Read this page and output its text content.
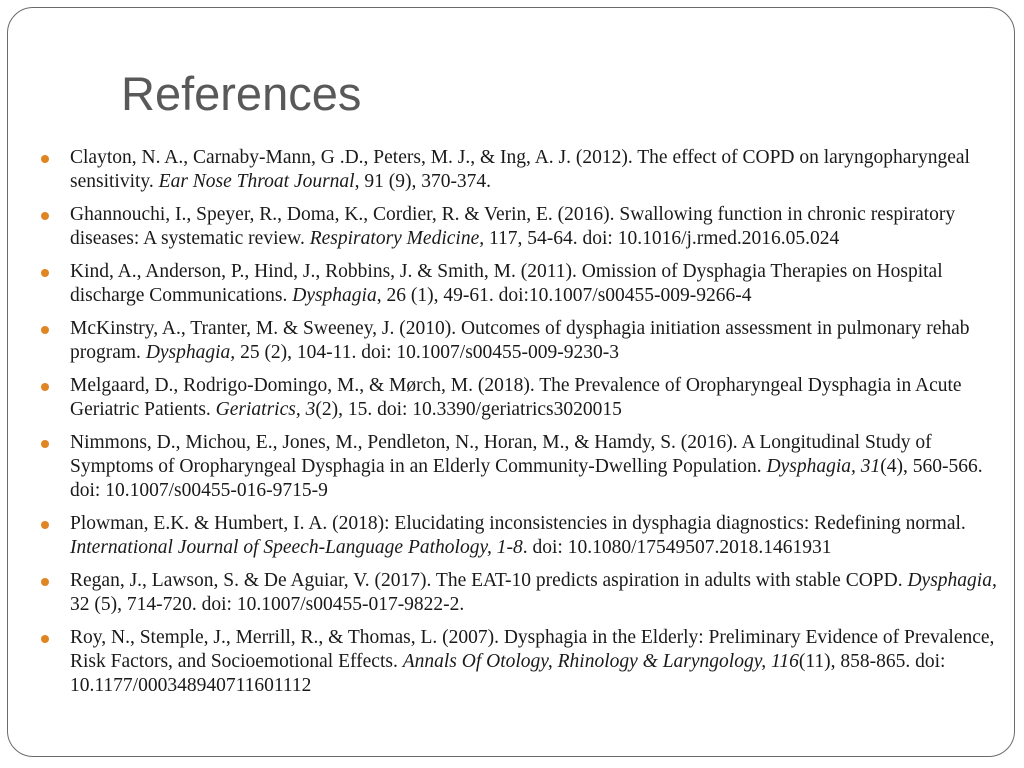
References
Clayton, N. A., Carnaby-Mann, G .D., Peters, M. J., & Ing, A. J. (2012). The effect of COPD on laryngopharyngeal sensitivity. Ear Nose Throat Journal, 91 (9), 370-374.
Ghannouchi, I., Speyer, R., Doma, K., Cordier, R. & Verin, E. (2016). Swallowing function in chronic respiratory diseases: A systematic review. Respiratory Medicine, 117, 54-64. doi: 10.1016/j.rmed.2016.05.024
Kind, A., Anderson, P., Hind, J., Robbins, J. & Smith, M. (2011). Omission of Dysphagia Therapies on Hospital discharge Communications. Dysphagia, 26 (1), 49-61. doi:10.1007/s00455-009-9266-4
McKinstry, A., Tranter, M. & Sweeney, J. (2010). Outcomes of dysphagia initiation assessment in pulmonary rehab program. Dysphagia, 25 (2), 104-11. doi: 10.1007/s00455-009-9230-3
Melgaard, D., Rodrigo-Domingo, M., & Mørch, M. (2018). The Prevalence of Oropharyngeal Dysphagia in Acute Geriatric Patients. Geriatrics, 3(2), 15. doi: 10.3390/geriatrics3020015
Nimmons, D., Michou, E., Jones, M., Pendleton, N., Horan, M., & Hamdy, S. (2016). A Longitudinal Study of Symptoms of Oropharyngeal Dysphagia in an Elderly Community-Dwelling Population. Dysphagia, 31(4), 560-566. doi: 10.1007/s00455-016-9715-9
Plowman, E.K. & Humbert, I. A. (2018): Elucidating inconsistencies in dysphagia diagnostics: Redefining normal. International Journal of Speech-Language Pathology, 1-8. doi: 10.1080/17549507.2018.1461931
Regan, J., Lawson, S. & De Aguiar, V. (2017). The EAT-10 predicts aspiration in adults with stable COPD. Dysphagia, 32 (5), 714-720. doi: 10.1007/s00455-017-9822-2.
Roy, N., Stemple, J., Merrill, R., & Thomas, L. (2007). Dysphagia in the Elderly: Preliminary Evidence of Prevalence, Risk Factors, and Socioemotional Effects. Annals Of Otology, Rhinology & Laryngology, 116(11), 858-865. doi: 10.1177/000348940711601112
